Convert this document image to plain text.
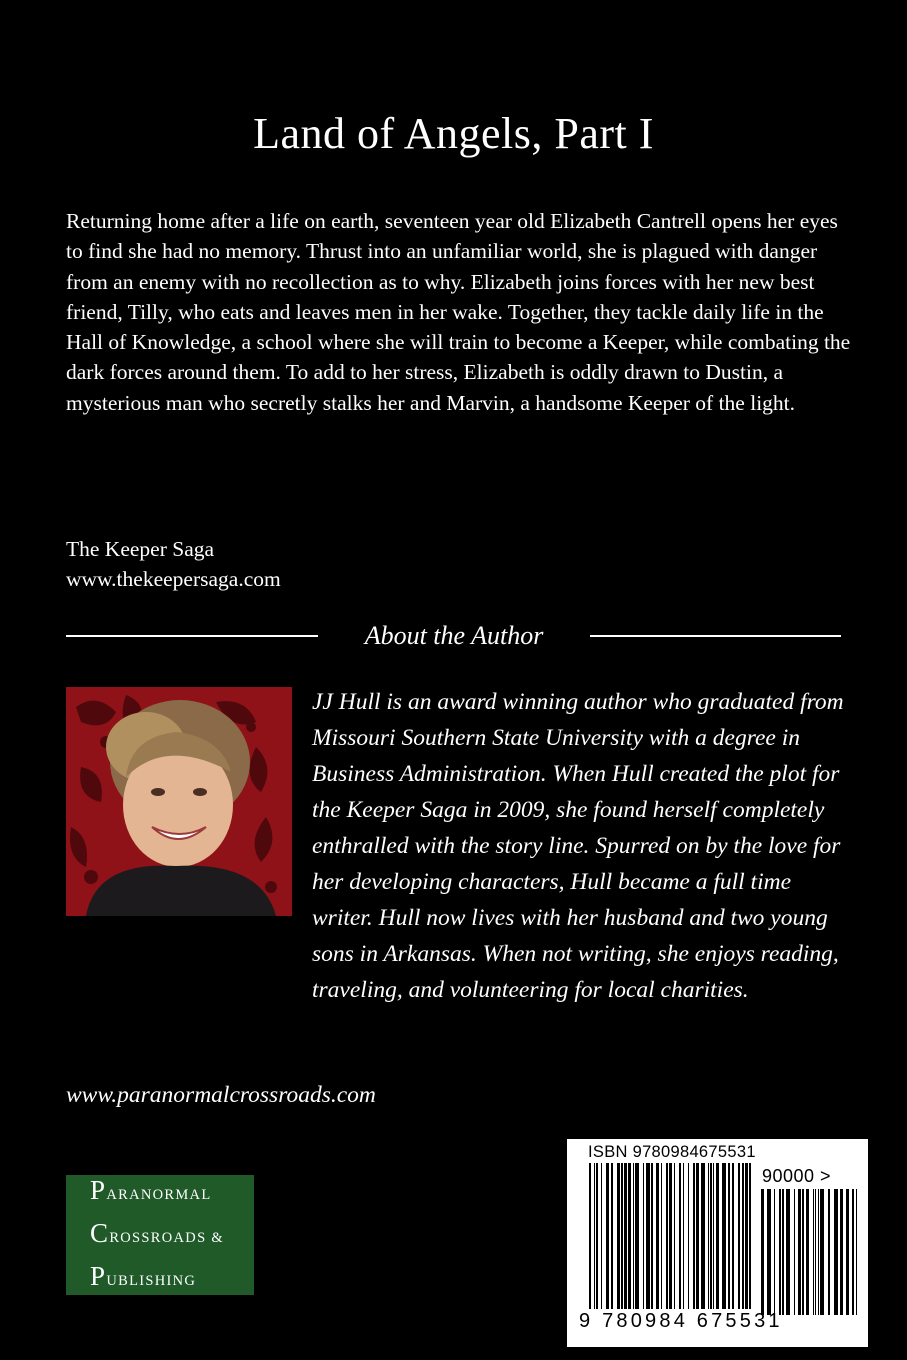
Land of Angels, Part I

Returning home after a life on earth, seventeen year old Elizabeth Cantrell opens her eyes to find she had no memory. Thrust into an unfamiliar world, she is plagued with danger from an enemy with no recollection as to why. Elizabeth joins forces with her new best friend, Tilly, who eats and leaves men in her wake. Together, they tackle daily life in the Hall of Knowledge, a school where she will train to become a Keeper, while combating the dark forces around them. To add to her stress, Elizabeth is oddly drawn to Dustin, a mysterious man who secretly stalks her and Marvin, a handsome Keeper of the light.

The Keeper Saga
www.thekeepersaga.com
About the Author

JJ Hull is an award winning author who graduated from Missouri Southern State University with a degree in Business Administration. When Hull created the plot for the Keeper Saga in 2009, she found herself completely enthralled with the story line. Spurred on by the love for her developing characters, Hull became a full time writer. Hull now lives with her husband and two young sons in Arkansas. When not writing, she enjoys reading, traveling, and volunteering for local charities.

www.paranormalcrossroads.com
PARANORMAL
CROSSROADS &
PUBLISHING
ISBN 9780984675531
90000 >
9 780984 675531
